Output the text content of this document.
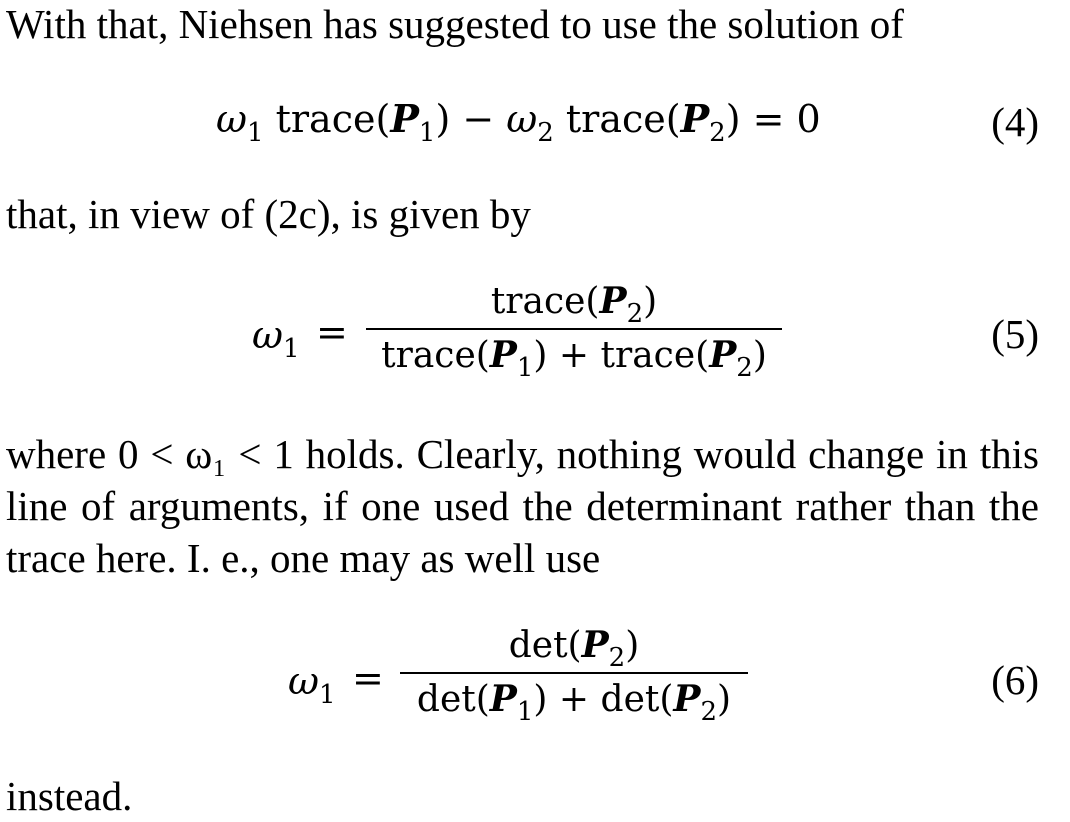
With that, Niehsen has suggested to use the solution of

$\omega_1$ $trace(P_1) - \omega_2$ $trace(P_2) = 0$	(4)

that, in view of (2c), is given by

$\omega_1$ =
$trace(P_2)$
$trace(P_1)$ + $trace(P_2)$	(5)

where 0 < ω₁ < 1 holds. Clearly, nothing would change in this line of arguments, if one used the determinant rather than the trace here. I. e., one may as well use

$\omega_1$ =
$\det(P_2)$
$\det(P_1) + \det(P_2)$	(6)

instead.
